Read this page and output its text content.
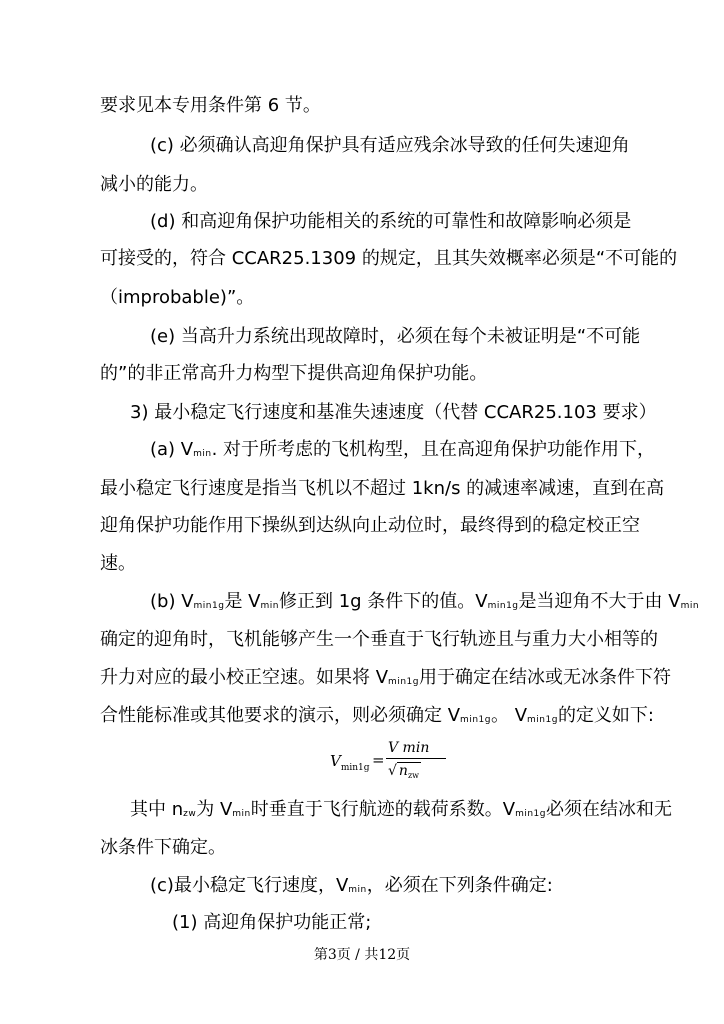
要求见本专用条件第 6 节。
(c) 必须确认高迎角保护具有适应残余冰导致的任何失速迎角
减小的能力。
(d) 和高迎角保护功能相关的系统的可靠性和故障影响必须是
可接受的，符合 CCAR25.1309 的规定，且其失效概率必须是“不可能的
（improbable)”。
(e) 当高升力系统出现故障时，必须在每个未被证明是“不可能
的”的非正常高升力构型下提供高迎角保护功能。
3) 最小稳定飞行速度和基准失速速度（代替 CCAR25.103 要求）
(a) Vmin. 对于所考虑的飞机构型，且在高迎角保护功能作用下，
最小稳定飞行速度是指当飞机以不超过 1kn/s 的减速率减速，直到在高
迎角保护功能作用下操纵到达纵向止动位时，最终得到的稳定校正空
速。
(b) Vmin1g是 Vmin修正到 1g 条件下的值。Vmin1g是当迎角不大于由 Vmin
确定的迎角时，飞机能够产生一个垂直于飞行轨迹且与重力大小相等的
升力对应的最小校正空速。如果将 Vmin1g用于确定在结冰或无冰条件下符
合性能标准或其他要求的演示，则必须确定 Vmin1g。 Vmin1g的定义如下:
$V_{min1g}$ =
V min
√ $n_{zw}$
其中 nzw为 Vmin时垂直于飞行航迹的载荷系数。Vmin1g必须在结冰和无
冰条件下确定。
(c)最小稳定飞行速度，Vmin，必须在下列条件确定:
(1) 高迎角保护功能正常;
第3页 / 共12页
